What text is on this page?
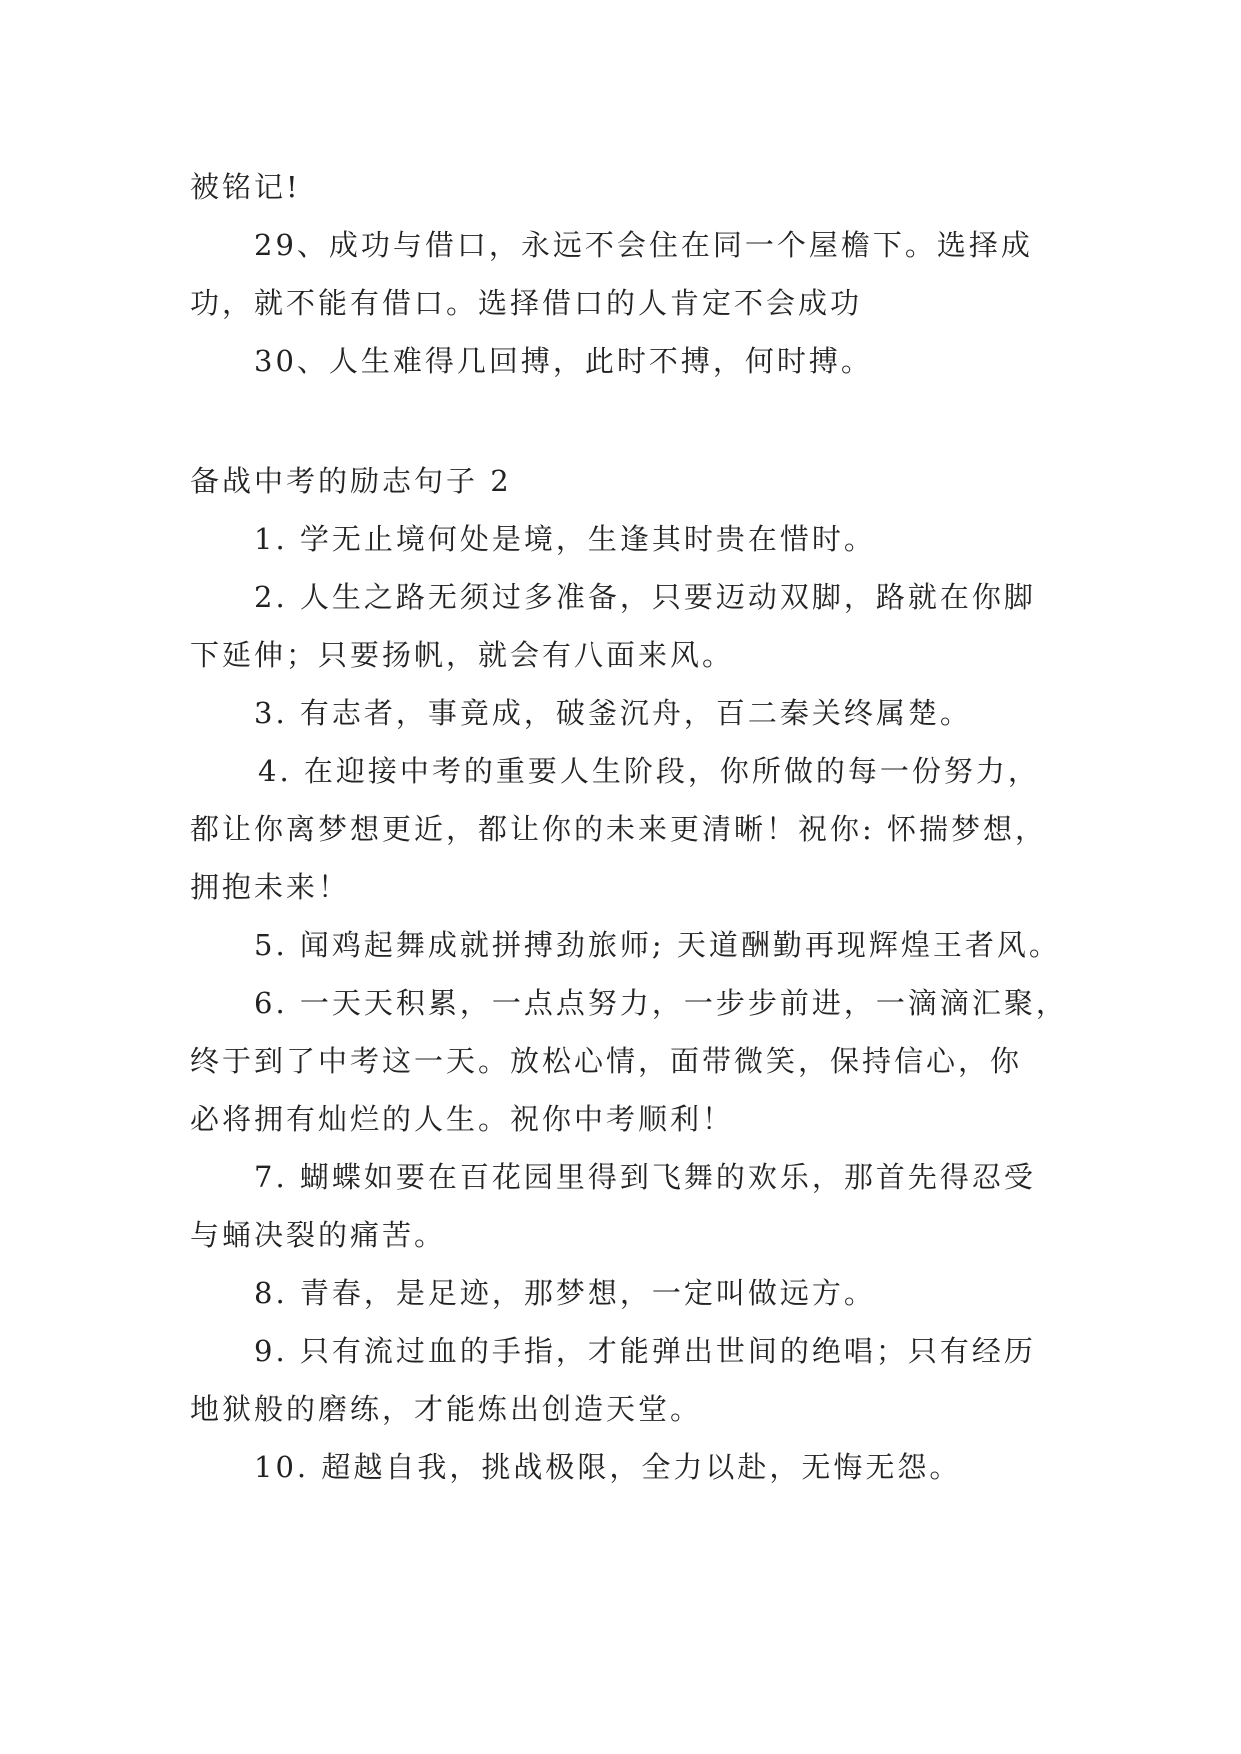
被铭记!

29、成功与借口，永远不会住在同一个屋檐下。选择成

功，就不能有借口。选择借口的人肯定不会成功

30、人生难得几回搏，此时不搏，何时搏。

备战中考的励志句子 2

1. 学无止境何处是境，生逢其时贵在惜时。

2. 人生之路无须过多准备，只要迈动双脚，路就在你脚

下延伸；只要扬帆，就会有八面来风。

3. 有志者，事竟成，破釜沉舟，百二秦关终属楚。

4. 在迎接中考的重要人生阶段，你所做的每一份努力，

都让你离梦想更近，都让你的未来更清晰！祝你: 怀揣梦想，

拥抱未来！

5. 闻鸡起舞成就拼搏劲旅师; 天道酬勤再现辉煌王者风。

6. 一天天积累，一点点努力，一步步前进，一滴滴汇聚，

终于到了中考这一天。放松心情，面带微笑，保持信心，你

必将拥有灿烂的人生。祝你中考顺利！

7. 蝴蝶如要在百花园里得到飞舞的欢乐，那首先得忍受

与蛹决裂的痛苦。

8. 青春，是足迹，那梦想，一定叫做远方。

9. 只有流过血的手指，才能弹出世间的绝唱；只有经历

地狱般的磨练，才能炼出创造天堂。

10. 超越自我，挑战极限，全力以赴，无悔无怨。
